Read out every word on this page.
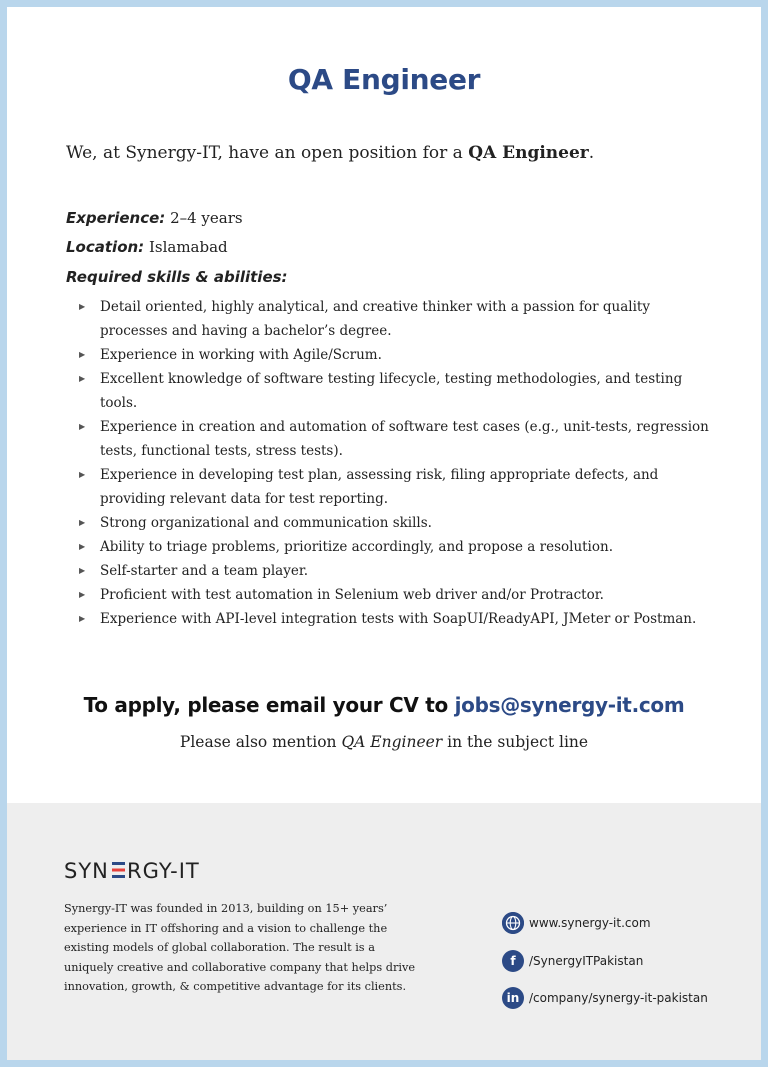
QA Engineer
We, at Synergy-IT, have an open position for a QA Engineer.
Experience: 2–4 years
Location: Islamabad
Required skills & abilities:
▶ Detail oriented, highly analytical, and creative thinker with a passion for quality processes and having a bachelor’s degree.
▶ Experience in working with Agile/Scrum.
▶ Excellent knowledge of software testing lifecycle, testing methodologies, and testing tools.
▶ Experience in creation and automation of software test cases (e.g., unit-tests, regression tests, functional tests, stress tests).
▶ Experience in developing test plan, assessing risk, filing appropriate defects, and providing relevant data for test reporting.
▶ Strong organizational and communication skills.
▶ Ability to triage problems, prioritize accordingly, and propose a resolution.
▶ Self-starter and a team player.
▶ Proficient with test automation in Selenium web driver and/or Protractor.
▶ Experience with API-level integration tests with SoapUI/ReadyAPI, JMeter or Postman.
To apply, please email your CV to jobs@synergy-it.com
Please also mention QA Engineer in the subject line
SYN RGY-IT
Synergy-IT was founded in 2013, building on 15+ years’ experience in IT offshoring and a vision to challenge the existing models of global collaboration. The result is a uniquely creative and collaborative company that helps drive innovation, growth, & competitive advantage for its clients.
www.synergy-it.com
f /SynergyITPakistan
in /company/synergy-it-pakistan
